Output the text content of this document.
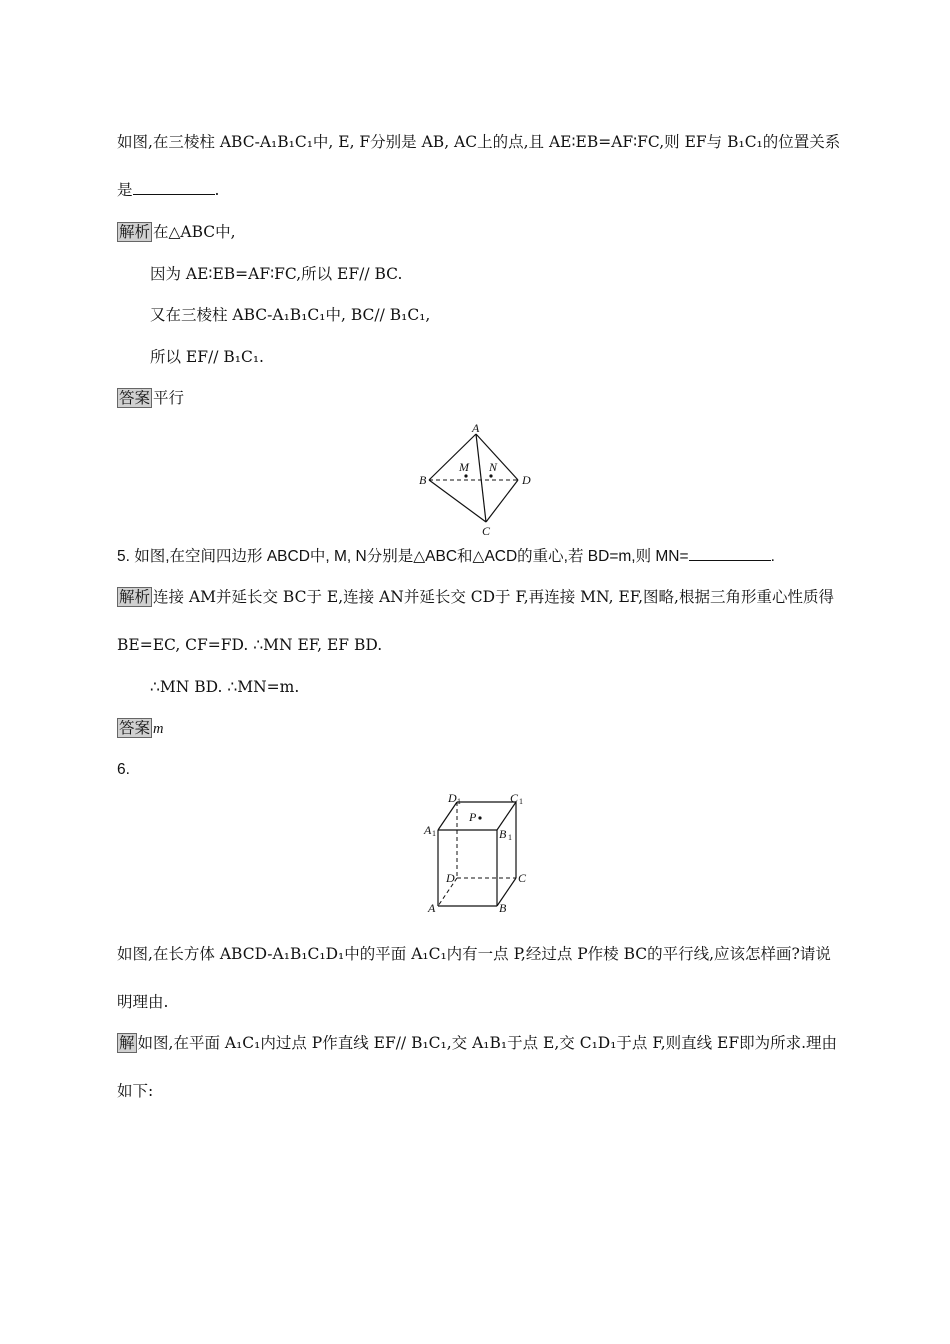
如图,在三棱柱 ABC-A₁B₁C₁中, E, F分别是 AB, AC上的点,且 AE∶EB=AF∶FC,则 EF与 B₁C₁的位置关系
是	.
解析 在△ABC中,
因为 AE∶EB=AF∶FC,所以 EF// BC.
又在三棱柱 ABC-A₁B₁C₁中, BC// B₁C₁,
所以 EF// B₁C₁.
答案 平行
A
B
C
D
M N
5. 如图,在空间四边形 ABCD中, M, N分别是△ABC和△ACD的重心,若 BD=m,则 MN=	.
解析 连接 AM并延长交 BC于 E,连接 AN并延长交 CD于 F,再连接 MN, EF,图略,根据三角形重心性质得
BE=EC, CF=FD. ∴MN EF, EF BD.
∴MN BD. ∴MN=m.
答案 m
6.
D 1	C 1
A 1	B 1
P
D	C
A	B
如图,在长方体 ABCD-A₁B₁C₁D₁中的平面 A₁C₁内有一点 P,经过点 P作棱 BC的平行线,应该怎样画?请说
明理由.
解 如图,在平面 A₁C₁内过点 P作直线 EF// B₁C₁,交 A₁B₁于点 E,交 C₁D₁于点 F,则直线 EF即为所求.理由
如下:
